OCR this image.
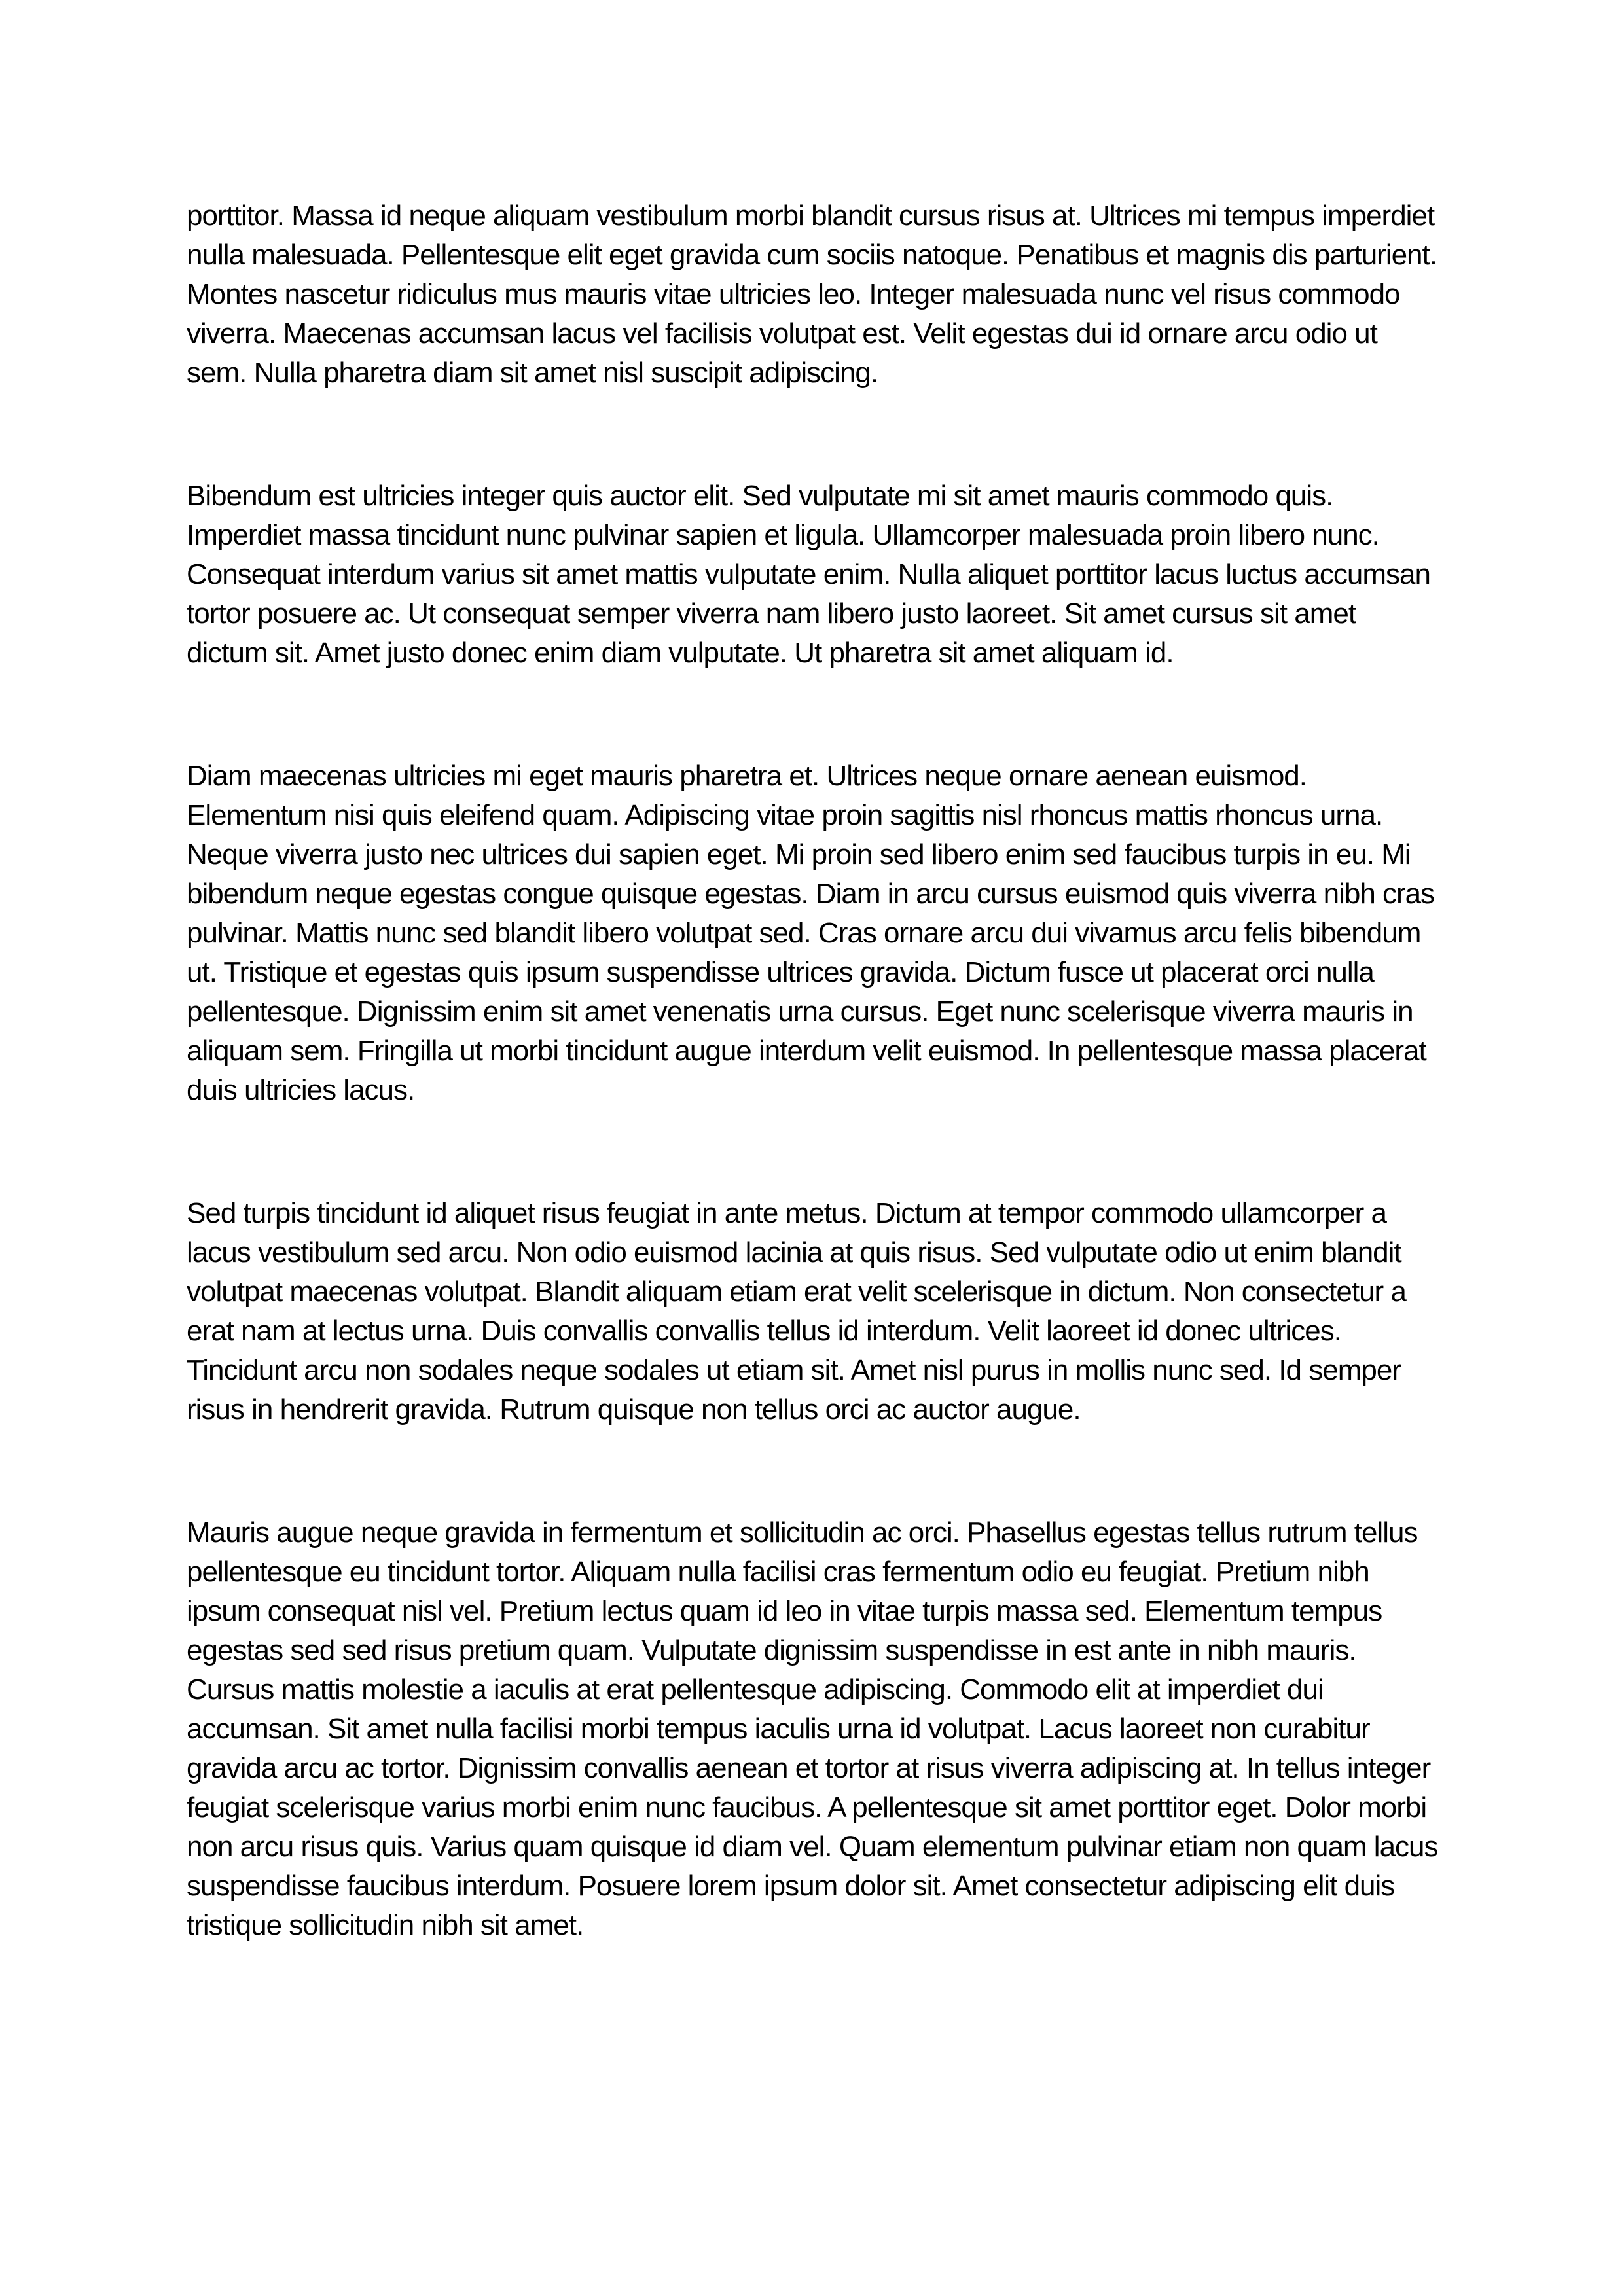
porttitor. Massa id neque aliquam vestibulum morbi blandit cursus risus at. Ultrices mi tempus imperdiet nulla malesuada. Pellentesque elit eget gravida cum sociis natoque. Penatibus et magnis dis parturient. Montes nascetur ridiculus mus mauris vitae ultricies leo. Integer malesuada nunc vel risus commodo viverra. Maecenas accumsan lacus vel facilisis volutpat est. Velit egestas dui id ornare arcu odio ut sem. Nulla pharetra diam sit amet nisl suscipit adipiscing.

Bibendum est ultricies integer quis auctor elit. Sed vulputate mi sit amet mauris commodo quis. Imperdiet massa tincidunt nunc pulvinar sapien et ligula. Ullamcorper malesuada proin libero nunc. Consequat interdum varius sit amet mattis vulputate enim. Nulla aliquet porttitor lacus luctus accumsan tortor posuere ac. Ut consequat semper viverra nam libero justo laoreet. Sit amet cursus sit amet dictum sit. Amet justo donec enim diam vulputate. Ut pharetra sit amet aliquam id.

Diam maecenas ultricies mi eget mauris pharetra et. Ultrices neque ornare aenean euismod. Elementum nisi quis eleifend quam. Adipiscing vitae proin sagittis nisl rhoncus mattis rhoncus urna. Neque viverra justo nec ultrices dui sapien eget. Mi proin sed libero enim sed faucibus turpis in eu. Mi bibendum neque egestas congue quisque egestas. Diam in arcu cursus euismod quis viverra nibh cras pulvinar. Mattis nunc sed blandit libero volutpat sed. Cras ornare arcu dui vivamus arcu felis bibendum ut. Tristique et egestas quis ipsum suspendisse ultrices gravida. Dictum fusce ut placerat orci nulla pellentesque. Dignissim enim sit amet venenatis urna cursus. Eget nunc scelerisque viverra mauris in aliquam sem. Fringilla ut morbi tincidunt augue interdum velit euismod. In pellentesque massa placerat duis ultricies lacus.

Sed turpis tincidunt id aliquet risus feugiat in ante metus. Dictum at tempor commodo ullamcorper a lacus vestibulum sed arcu. Non odio euismod lacinia at quis risus. Sed vulputate odio ut enim blandit volutpat maecenas volutpat. Blandit aliquam etiam erat velit scelerisque in dictum. Non consectetur a erat nam at lectus urna. Duis convallis convallis tellus id interdum. Velit laoreet id donec ultrices. Tincidunt arcu non sodales neque sodales ut etiam sit. Amet nisl purus in mollis nunc sed. Id semper risus in hendrerit gravida. Rutrum quisque non tellus orci ac auctor augue.

Mauris augue neque gravida in fermentum et sollicitudin ac orci. Phasellus egestas tellus rutrum tellus pellentesque eu tincidunt tortor. Aliquam nulla facilisi cras fermentum odio eu feugiat. Pretium nibh ipsum consequat nisl vel. Pretium lectus quam id leo in vitae turpis massa sed. Elementum tempus egestas sed sed risus pretium quam. Vulputate dignissim suspendisse in est ante in nibh mauris. Cursus mattis molestie a iaculis at erat pellentesque adipiscing. Commodo elit at imperdiet dui accumsan. Sit amet nulla facilisi morbi tempus iaculis urna id volutpat. Lacus laoreet non curabitur gravida arcu ac tortor. Dignissim convallis aenean et tortor at risus viverra adipiscing at. In tellus integer feugiat scelerisque varius morbi enim nunc faucibus. A pellentesque sit amet porttitor eget. Dolor morbi non arcu risus quis. Varius quam quisque id diam vel. Quam elementum pulvinar etiam non quam lacus suspendisse faucibus interdum. Posuere lorem ipsum dolor sit. Amet consectetur adipiscing elit duis tristique sollicitudin nibh sit amet.
